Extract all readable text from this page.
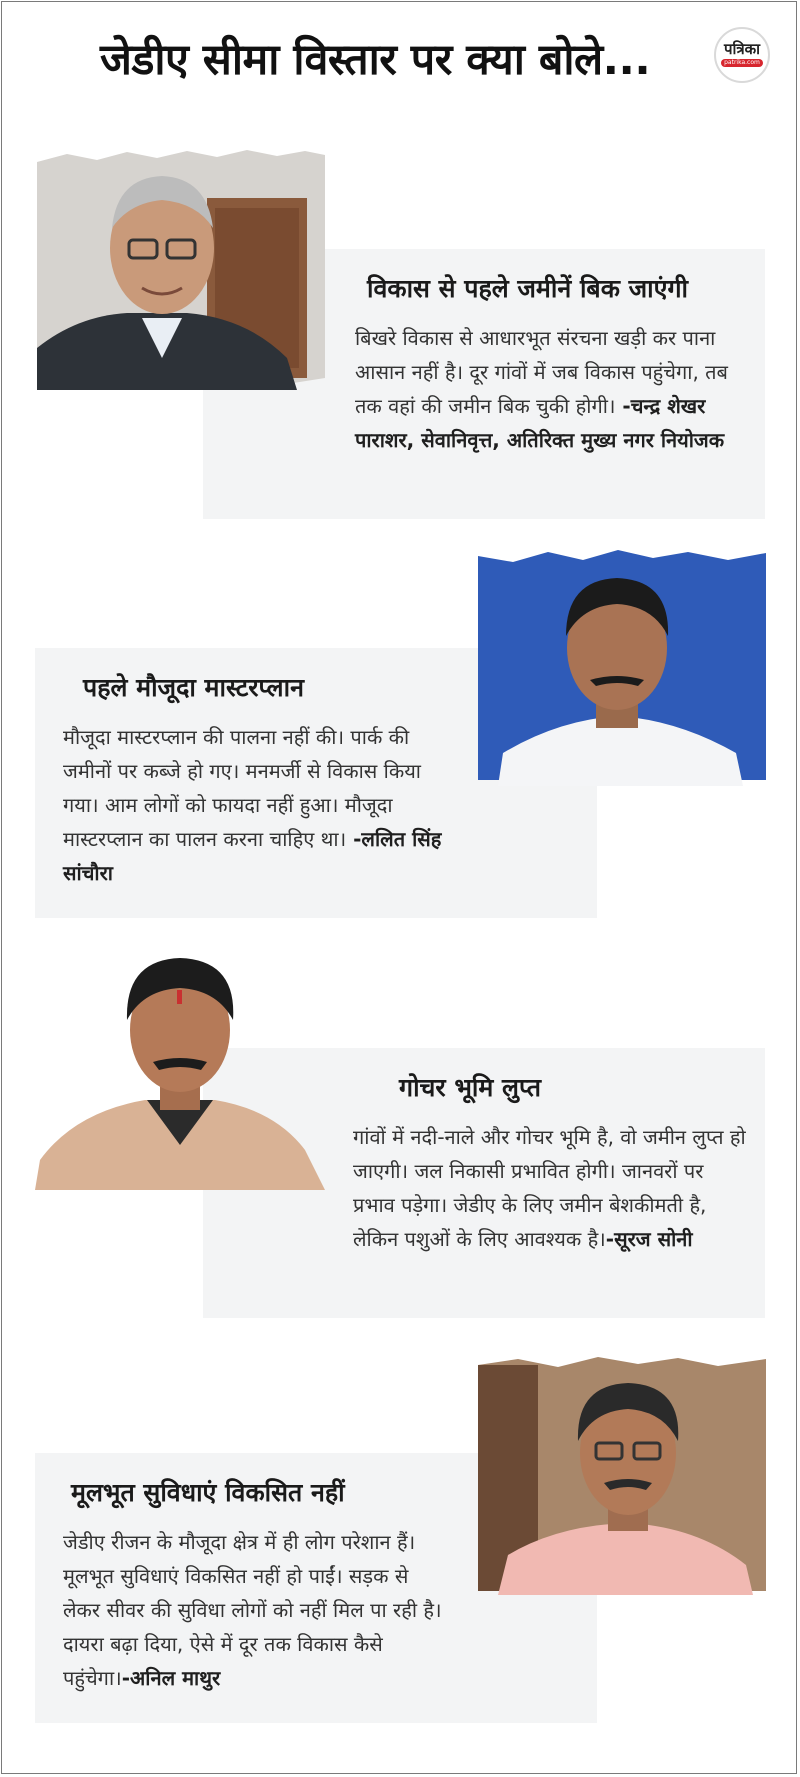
जेडीए सीमा विस्तार पर क्या बोले...	पत्रिका
patrika.com
विकास से पहले जमीनें बिक जाएंगी
बिखरे विकास से आधारभूत संरचना खड़ी कर पाना आसान नहीं है। दूर गांवों में जब विकास पहुंचेगा, तब तक वहां की जमीन बिक चुकी होगी। -चन्द्र शेखर पाराशर, सेवानिवृत्त, अतिरिक्त मुख्य नगर नियोजक
पहले मौजूदा मास्टरप्लान
मौजूदा मास्टरप्लान की पालना नहीं की। पार्क की जमीनों पर कब्जे हो गए। मनमर्जी से विकास किया गया। आम लोगों को फायदा नहीं हुआ। मौजूदा मास्टरप्लान का पालन करना चाहिए था। -ललित सिंह सांचौरा
गोचर भूमि लुप्त
गांवों में नदी-नाले और गोचर भूमि है, वो जमीन लुप्त हो जाएगी। जल निकासी प्रभावित होगी। जानवरों पर प्रभाव पड़ेगा। जेडीए के लिए जमीन बेशकीमती है, लेकिन पशुओं के लिए आवश्यक है।-सूरज सोनी
मूलभूत सुविधाएं विकसित नहीं
जेडीए रीजन के मौजूदा क्षेत्र में ही लोग परेशान हैं। मूलभूत सुविधाएं विकसित नहीं हो पाईं। सड़क से लेकर सीवर की सुविधा लोगों को नहीं मिल पा रही है। दायरा बढ़ा दिया, ऐसे में दूर तक विकास कैसे पहुंचेगा।-अनिल माथुर
